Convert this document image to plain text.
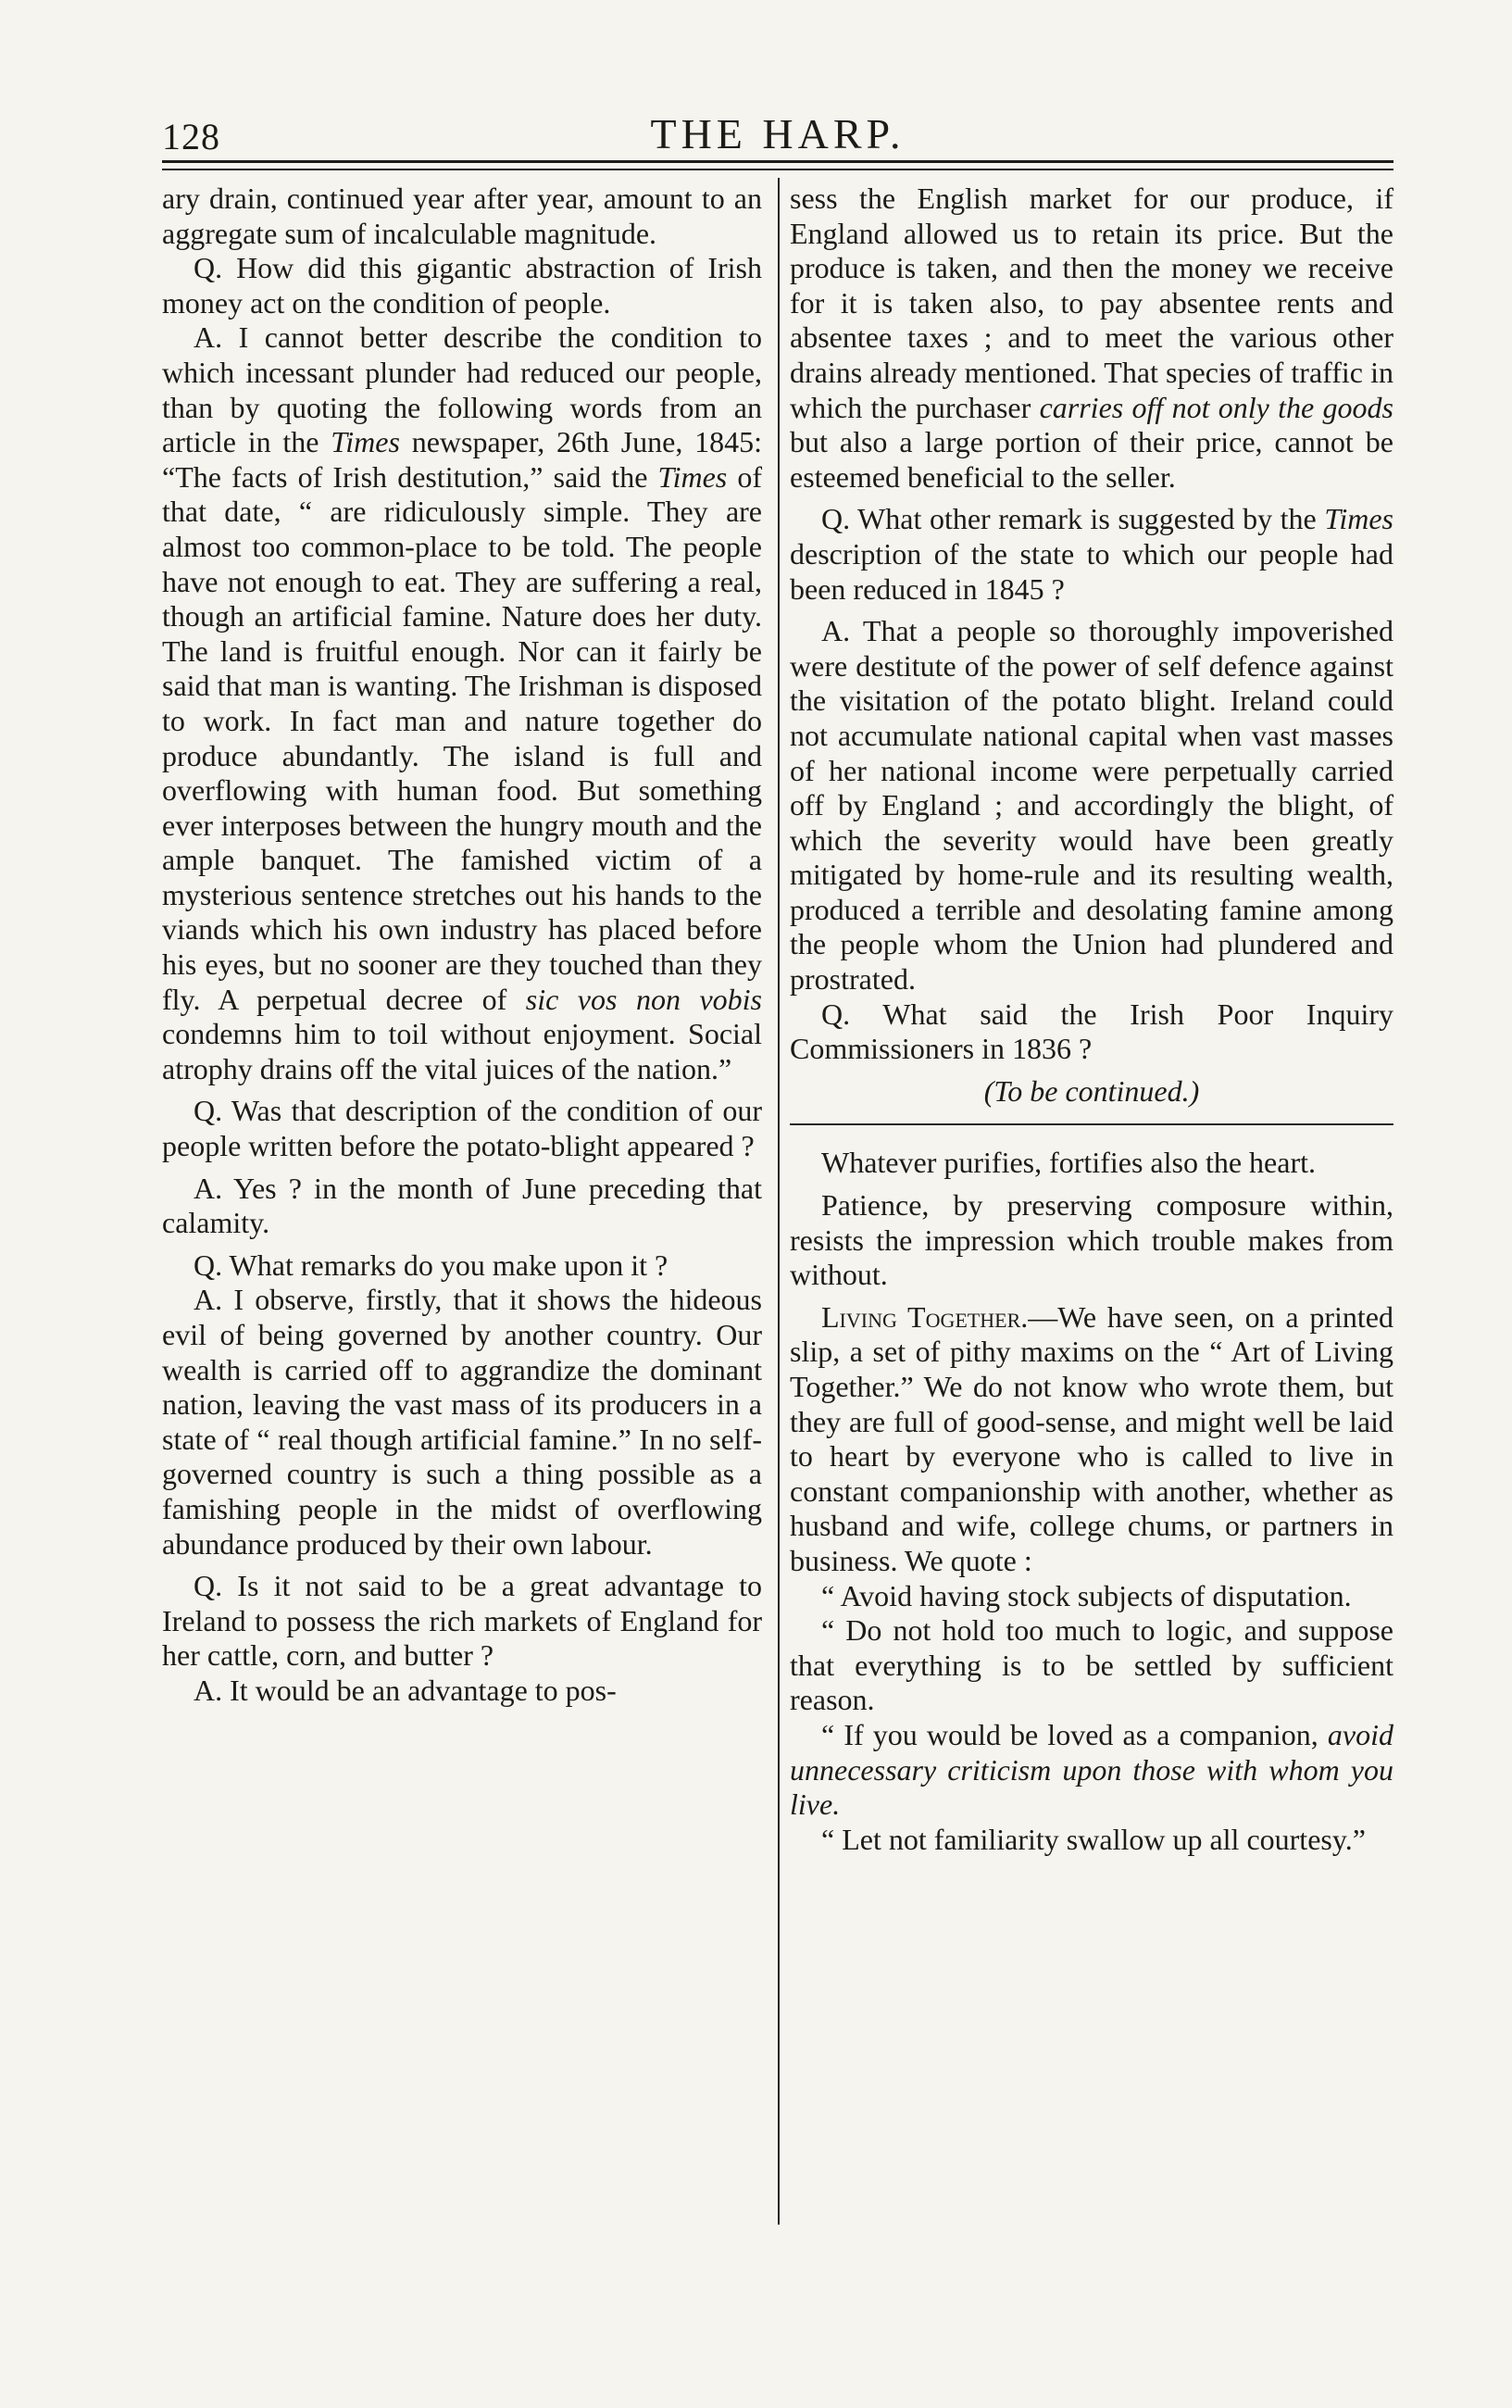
128	THE HARP.

ary drain, continued year after year, amount to an aggregate sum of incalculable magnitude.

Q. How did this gigantic abstraction of Irish money act on the condition of people.

A. I cannot better describe the condition to which incessant plunder had reduced our people, than by quoting the following words from an article in the Times newspaper, 26th June, 1845: “The facts of Irish destitution,” said the Times of that date, “ are ridiculously simple. They are almost too common-place to be told. The people have not enough to eat. They are suffering a real, though an artificial famine. Nature does her duty. The land is fruitful enough. Nor can it fairly be said that man is wanting. The Irishman is disposed to work. In fact man and nature together do produce abundantly. The island is full and overflowing with human food. But something ever interposes between the hungry mouth and the ample banquet. The famished victim of a mysterious sentence stretches out his hands to the viands which his own industry has placed before his eyes, but no sooner are they touched than they fly. A perpetual decree of sic vos non vobis condemns him to toil without enjoyment. Social atrophy drains off the vital juices of the nation.”

Q. Was that description of the condition of our people written before the potato-blight appeared ?

A. Yes ? in the month of June preceding that calamity.

Q. What remarks do you make upon it ?

A. I observe, firstly, that it shows the hideous evil of being governed by another country. Our wealth is carried off to aggrandize the dominant nation, leaving the vast mass of its producers in a state of “ real though artificial famine.” In no self-governed country is such a thing possible as a famishing people in the midst of overflowing abundance produced by their own labour.

Q. Is it not said to be a great advantage to Ireland to possess the rich markets of England for her cattle, corn, and butter ?

A. It would be an advantage to pos-

sess the English market for our produce, if England allowed us to retain its price. But the produce is taken, and then the money we receive for it is taken also, to pay absentee rents and absentee taxes ; and to meet the various other drains already mentioned. That species of traffic in which the purchaser carries off not only the goods but also a large portion of their price, cannot be esteemed beneficial to the seller.

Q. What other remark is suggested by the Times description of the state to which our people had been reduced in 1845 ?

A. That a people so thoroughly impoverished were destitute of the power of self defence against the visitation of the potato blight. Ireland could not accumulate national capital when vast masses of her national income were perpetually carried off by England ; and accordingly the blight, of which the severity would have been greatly mitigated by home-rule and its resulting wealth, produced a terrible and desolating famine among the people whom the Union had plundered and prostrated.

Q. What said the Irish Poor Inquiry Commissioners in 1836 ?

(To be continued.)

Whatever purifies, fortifies also the heart.

Patience, by preserving composure within, resists the impression which trouble makes from without.

Living Together.—We have seen, on a printed slip, a set of pithy maxims on the “ Art of Living Together.” We do not know who wrote them, but they are full of good-sense, and might well be laid to heart by everyone who is called to live in constant companionship with another, whether as husband and wife, college chums, or partners in business. We quote :

“ Avoid having stock subjects of disputation.

“ Do not hold too much to logic, and suppose that everything is to be settled by sufficient reason.

“ If you would be loved as a companion, avoid unnecessary criticism upon those with whom you live.

“ Let not familiarity swallow up all courtesy.”
